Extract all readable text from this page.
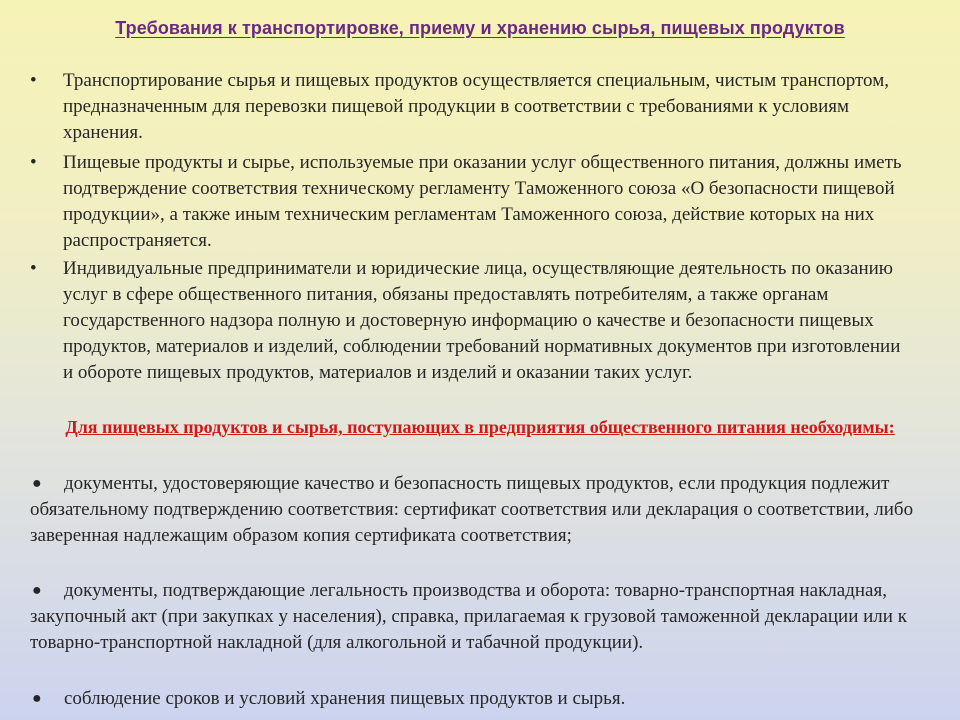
Требования к транспортировке, приему и хранению сырья, пищевых продуктов
•	Транспортирование сырья и пищевых продуктов осуществляется специальным, чистым транспортом, предназначенным для перевозки пищевой продукции в соответствии с требованиями к условиям хранения.
•	Пищевые продукты и сырье, используемые при оказании услуг общественного питания, должны иметь подтверждение соответствия техническому регламенту Таможенного союза «О безопасности пищевой продукции», а также иным техническим регламентам Таможенного союза, действие которых на них распространяется.
•	Индивидуальные предприниматели и юридические лица, осуществляющие деятельность по оказанию услуг в сфере общественного питания, обязаны предоставлять потребителям, а также органам государственного надзора полную и достоверную информацию о качестве и безопасности пищевых продуктов, материалов и изделий, соблюдении требований нормативных документов при изготовлении и обороте пищевых продуктов, материалов и изделий и оказании таких услуг.
Для пищевых продуктов и сырья, поступающих в предприятия общественного питания необходимы:
● документы, удостоверяющие качество и безопасность пищевых продуктов, если продукция подлежит обязательному подтверждению соответствия: сертификат соответствия или декларация о соответствии, либо заверенная надлежащим образом копия сертификата соответствия;
● документы, подтверждающие легальность производства и оборота: товарно-транспортная накладная, закупочный акт (при закупках у населения), справка, прилагаемая к грузовой таможенной декларации или к товарно-транспортной накладной (для алкогольной и табачной продукции).
● соблюдение сроков и условий хранения пищевых продуктов и сырья.
